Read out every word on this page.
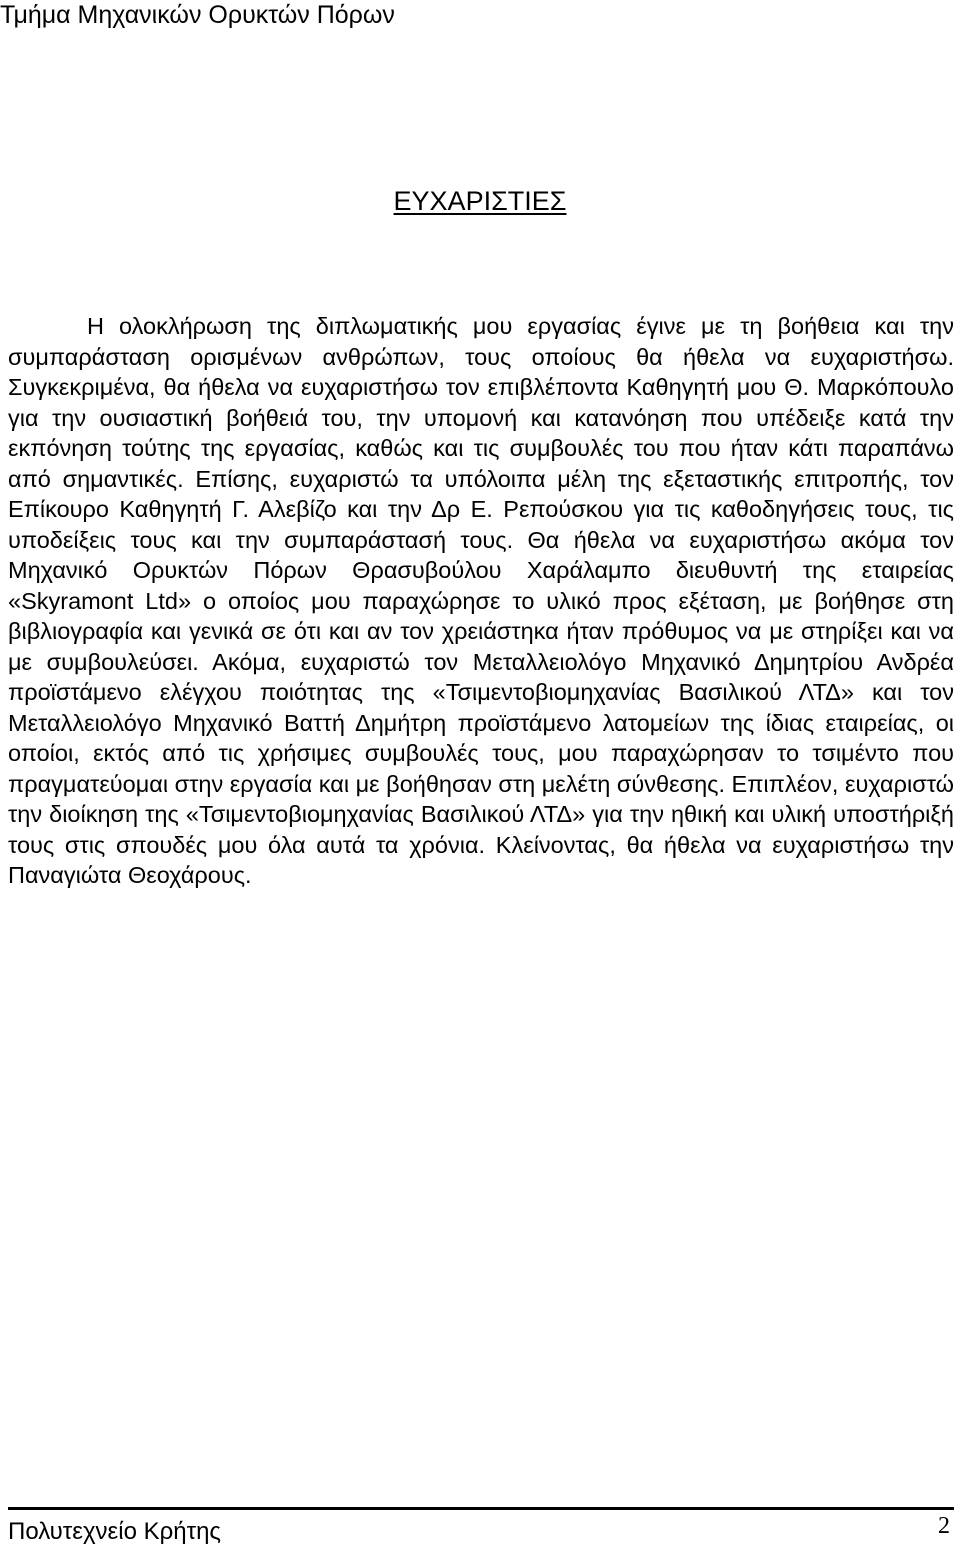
Τμήμα Μηχανικών Ορυκτών Πόρων
ΕΥΧΑΡΙΣΤΙΕΣ

Η ολοκλήρωση της διπλωματικής μου εργασίας έγινε με τη βοήθεια και την συμπαράσταση ορισμένων ανθρώπων, τους οποίους θα ήθελα να ευχαριστήσω. Συγκεκριμένα, θα ήθελα να ευχαριστήσω τον επιβλέποντα Καθηγητή μου Θ. Μαρκόπουλο για την ουσιαστική βοήθειά του, την υπομονή και κατανόηση που υπέδειξε κατά την εκπόνηση τούτης της εργασίας, καθώς και τις συμβουλές του που ήταν κάτι παραπάνω από σημαντικές. Επίσης, ευχαριστώ τα υπόλοιπα μέλη της εξεταστικής επιτροπής, τον Επίκουρο Καθηγητή Γ. Αλεβίζο και την Δρ Ε. Ρεπούσκου για τις καθοδηγήσεις τους, τις υποδείξεις τους και την συμπαράστασή τους. Θα ήθελα να ευχαριστήσω ακόμα τον Μηχανικό Ορυκτών Πόρων Θρασυβούλου Χαράλαμπο διευθυντή της εταιρείας «Skyramont Ltd» ο οποίος μου παραχώρησε το υλικό προς εξέταση, με βοήθησε στη βιβλιογραφία και γενικά σε ότι και αν τον χρειάστηκα ήταν πρόθυμος να με στηρίξει και να με συμβουλεύσει. Ακόμα, ευχαριστώ τον Μεταλλειολόγο Μηχανικό Δημητρίου Ανδρέα προϊστάμενο ελέγχου ποιότητας της «Τσιμεντοβιομηχανίας Βασιλικού ΛΤΔ» και τον Μεταλλειολόγο Μηχανικό Βαττή Δημήτρη προϊστάμενο λατομείων της ίδιας εταιρείας, οι οποίοι, εκτός από τις χρήσιμες συμβουλές τους, μου παραχώρησαν το τσιμέντο που πραγματεύομαι στην εργασία και με βοήθησαν στη μελέτη σύνθεσης. Επιπλέον, ευχαριστώ την διοίκηση της «Τσιμεντοβιομηχανίας Βασιλικού ΛΤΔ» για την ηθική και υλική υποστήριξή τους στις σπουδές μου όλα αυτά τα χρόνια. Κλείνοντας, θα ήθελα να ευχαριστήσω την Παναγιώτα Θεοχάρους.

Πολυτεχνείο Κρήτης	2
